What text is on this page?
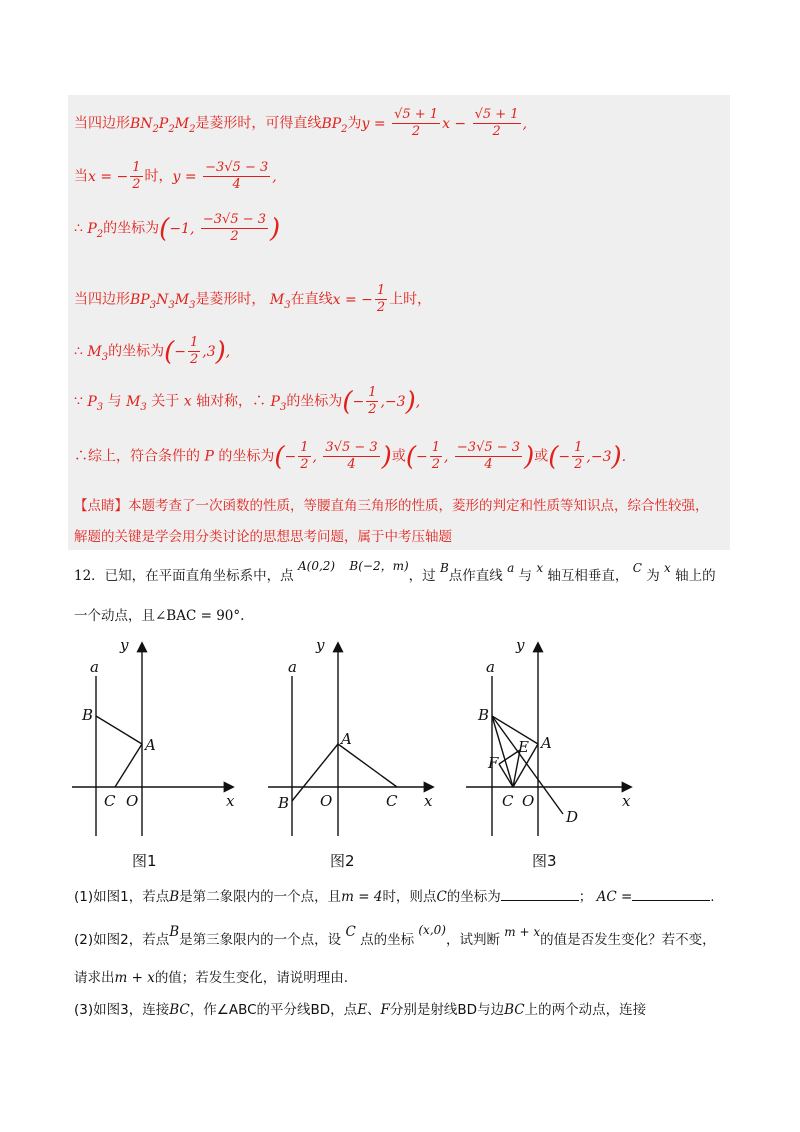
当四边形$BN_2P_2M_2$是菱形时，可得直线$BP_2$为$y = \frac{√5 + 1}{2}$ $x - \frac{√5 + 1}{2}$ ,
当x = − $\frac{1}{2}$ 时，$y = \frac{-3√5 - 3}{4}$ ,
∴ $P_2$的坐标为(−1, $\frac{-3√5 - 3}{2}$ )
当四边形$BP_3N_3M_3$是菱形时， $M_3$在直线x = − $\frac{1}{2}$ 上时，
∴ $M_3$的坐标为(− $\frac{1}{2} ,3$),
∵ $P_3$ 与 $M_3$ 关于 x 轴对称，∴ $P_3$的坐标为(− $\frac{1}{2} ,-3$),
∴综上，符合条件的 P 的坐标为(− $\frac{1}{2}$ , $\frac{3√5 - 3}{4}$ )或(− $\frac{1}{2}$ , $\frac{-3√5 - 3}{4}$ )或(− $\frac{1}{2} ,-3$).
【点睛】本题考查了一次函数的性质，等腰直角三角形的性质，菱形的判定和性质等知识点，综合性较强，
解题的关键是学会用分类讨论的思想思考问题，属于中考压轴题
12．已知，在平面直角坐标系中，点 A(0,2) B(−2，m)，过 B点作直线 a 与 x 轴互相垂直， C 为 x 轴上的
一个动点，且∠BAC = 90°.
y
a
B
A
C O	x
y
a
B
A
O	C x
y
a
B
A
E
F
C O
D
x
图1	图2	图3
(1)如图1，若点B是第二象限内的一个点，且m = 4时，则点C的坐标为	； AC =	.
(2)如图2，若点B是第三象限内的一个点，设 C 点的坐标 (x,0)，试判断 m + x的值是否发生变化？若不变，
请求出m + x的值；若发生变化，请说明理由.
(3)如图3，连接BC，作∠ABC的平分线BD，点E、F分别是射线BD与边BC上的两个动点，连接
